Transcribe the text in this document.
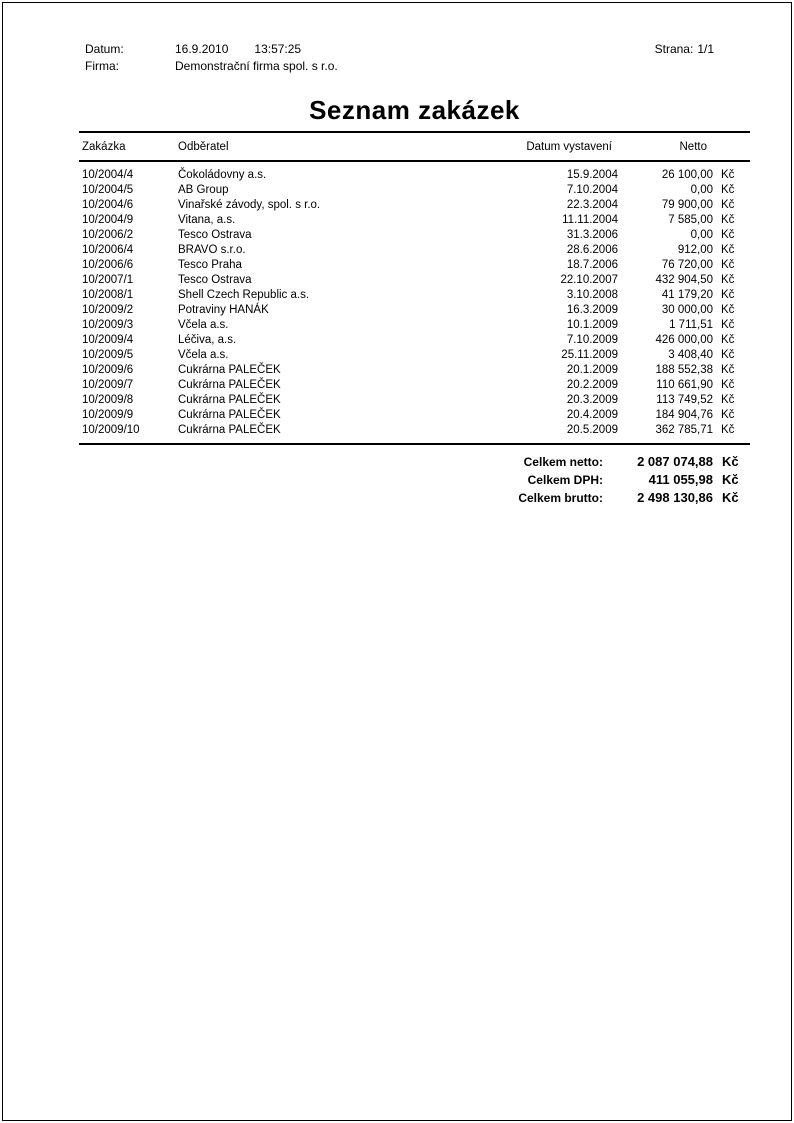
Datum:	16.9.2010 13:57:25	Strana: 1/1
Firma:	Demonstrační firma spol. s r.o.
Seznam zakázek
Zakázka	Odběratel	Datum vystavení	Netto
10/2004/4	Čokoládovny a.s.	15.9.2004	26 100,00 Kč
10/2004/5	AB Group	7.10.2004	0,00 Kč
10/2004/6	Vinařské závody, spol. s r.o.	22.3.2004	79 900,00 Kč
10/2004/9	Vitana, a.s.	11.11.2004	7 585,00 Kč
10/2006/2	Tesco Ostrava	31.3.2006	0,00 Kč
10/2006/4	BRAVO s.r.o.	28.6.2006	912,00 Kč
10/2006/6	Tesco Praha	18.7.2006	76 720,00 Kč
10/2007/1	Tesco Ostrava	22.10.2007	432 904,50 Kč
10/2008/1	Shell Czech Republic a.s.	3.10.2008	41 179,20 Kč
10/2009/2	Potraviny HANÁK	16.3.2009	30 000,00 Kč
10/2009/3	Včela a.s.	10.1.2009	1 711,51 Kč
10/2009/4	Léčiva, a.s.	7.10.2009	426 000,00 Kč
10/2009/5	Včela a.s.	25.11.2009	3 408,40 Kč
10/2009/6	Cukrárna PALEČEK	20.1.2009	188 552,38 Kč
10/2009/7	Cukrárna PALEČEK	20.2.2009	110 661,90 Kč
10/2009/8	Cukrárna PALEČEK	20.3.2009	113 749,52 Kč
10/2009/9	Cukrárna PALEČEK	20.4.2009	184 904,76 Kč
10/2009/10	Cukrárna PALEČEK	20.5.2009	362 785,71 Kč
Celkem netto:	2 087 074,88 Kč
Celkem DPH:	411 055,98 Kč
Celkem brutto:	2 498 130,86 Kč
